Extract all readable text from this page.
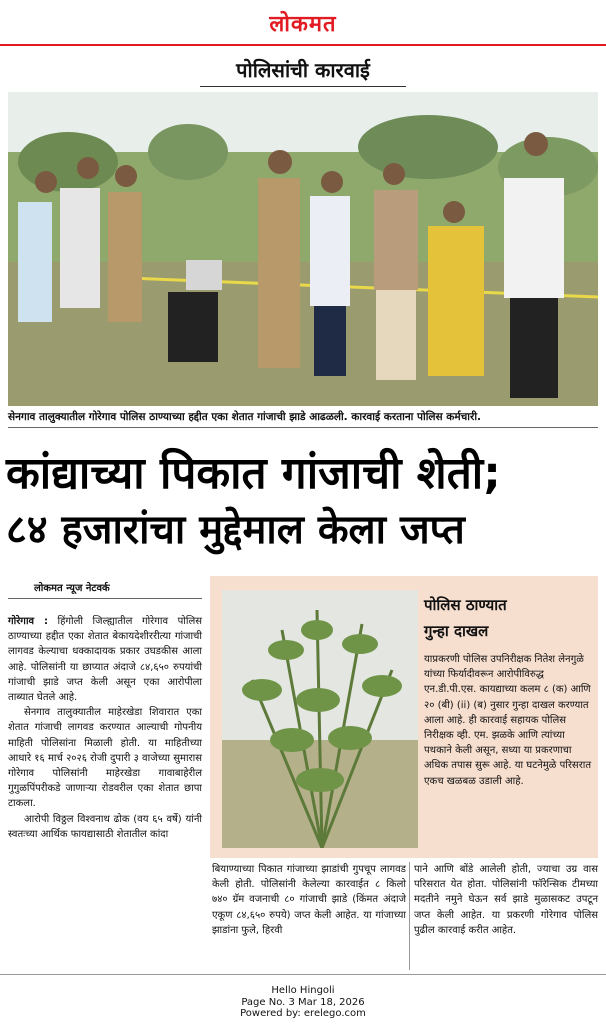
लोकमत
पोलिसांची कारवाई
सेनगाव तालुक्यातील गोरेगाव पोलिस ठाण्याच्या हद्दीत एका शेतात गांजाची झाडे आढळली. कारवाई करताना पोलिस कर्मचारी.
कांद्याच्या पिकात गांजाची शेती;
८४ हजारांचा मुद्देमाल केला जप्त
लोकमत न्यूज नेटवर्क

गोरेगाव : हिंगोली जिल्ह्यातील गोरेगाव पोलिस ठाण्याच्या हद्दीत एका शेतात बेकायदेशीररीत्या गांजाची लागवड केल्याचा धक्कादायक प्रकार उघडकीस आला आहे. पोलिसांनी या छाप्यात अंदाजे ८४,६५० रुपयांची गांजाची झाडे जप्त केली असून एका आरोपीला ताब्यात घेतले आहे.

सेनगाव तालुक्यातील माहेरखेडा शिवारात एका शेतात गांजाची लागवड करण्यात आल्याची गोपनीय माहिती पोलिसांना मिळाली होती. या माहितीच्या आधारे १६ मार्च २०२६ रोजी दुपारी ३ वाजेच्या सुमारास गोरेगाव पोलिसांनी माहेरखेडा गावाबाहेरील गुगुळपिंपरीकडे जाणाऱ्या रोडवरील एका शेतात छापा टाकला.

आरोपी विठ्ठल विश्वनाथ ढोक (वय ६५ वर्षे) यांनी स्वतःच्या आर्थिक फायद्यासाठी शेतातील कांदा

पोलिस ठाण्यात
गुन्हा दाखल
याप्रकरणी पोलिस उपनिरीक्षक नितेश लेनगुळे यांच्या फिर्यादीवरून आरोपीविरुद्ध एन.डी.पी.एस. कायद्याच्या कलम ८ (क) आणि २० (बी) (ii) (ब) नुसार गुन्हा दाखल करण्यात आला आहे. ही कारवाई सहायक पोलिस निरीक्षक व्ही. एम. झळके आणि त्यांच्या पथकाने केली असून, सध्या या प्रकरणाचा अधिक तपास सुरू आहे. या घटनेमुळे परिसरात एकच खळबळ उडाली आहे.
बियाण्याच्या पिकात गांजाच्या झाडांची गुपचूप लागवड केली होती. पोलिसांनी केलेल्या कारवाईत ८ किलो ७४० ग्रॅम वजनाची ८० गांजाची झाडे (किंमत अंदाजे एकूण ८४,६५० रुपये) जप्त केली आहेत. या गांजाच्या झाडांना फुले, हिरवी
पाने आणि बोंडे आलेली होती, ज्याचा उग्र वास परिसरात येत होता. पोलिसांनी फॉरेन्सिक टीमच्या मदतीने नमुने घेऊन सर्व झाडे मुळासकट उपटून जप्त केली आहेत. या प्रकरणी गोरेगाव पोलिस पुढील कारवाई करीत आहेत.
Hello Hingoli
Page No. 3 Mar 18, 2026
Powered by: erelego.com
